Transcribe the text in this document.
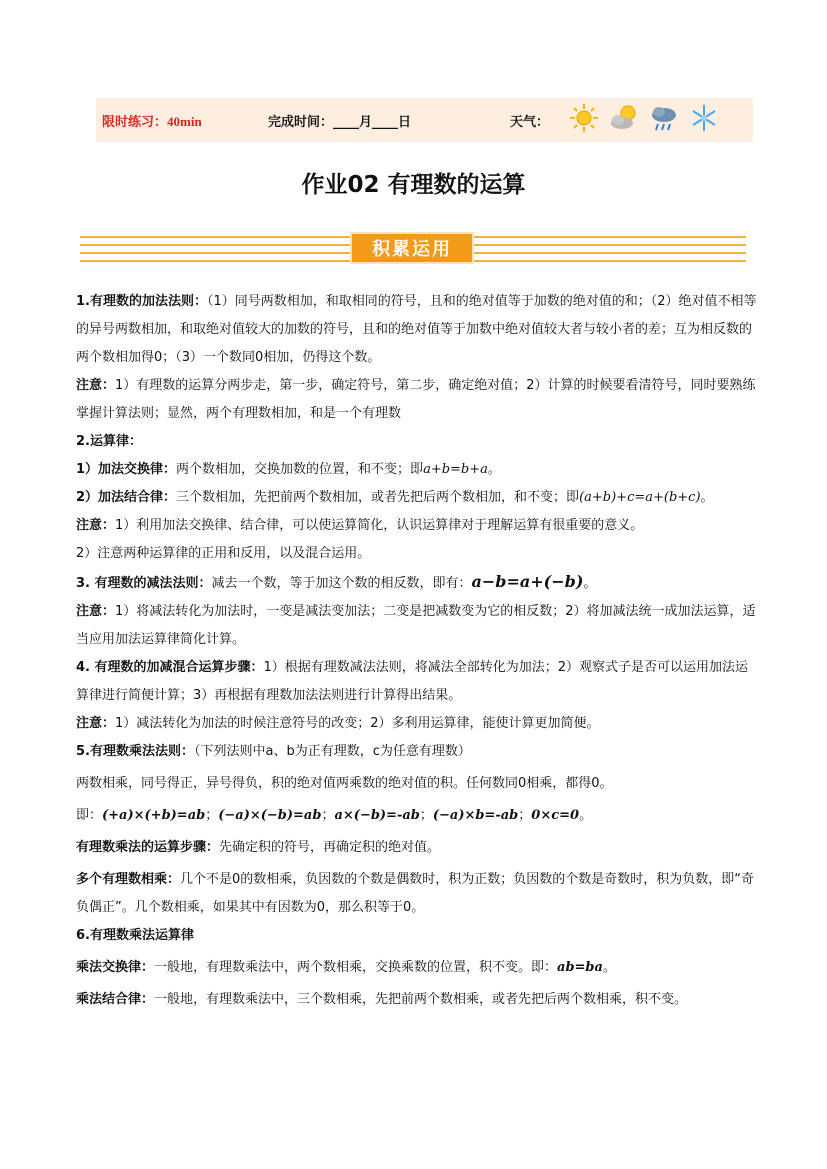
限时练习：40min	完成时间：____月____日	天气：
作业02 有理数的运算
积累运用

1.有理数的加法法则：（1）同号两数相加，和取相同的符号，且和的绝对值等于加数的绝对值的和；（2）绝对值不相等的异号两数相加，和取绝对值较大的加数的符号，且和的绝对值等于加数中绝对值较大者与较小者的差；互为相反数的两个数相加得0；（3）一个数同0相加，仍得这个数。

注意：1）有理数的运算分两步走，第一步，确定符号，第二步，确定绝对值；2）计算的时候要看清符号，同时要熟练掌握计算法则；显然，两个有理数相加，和是一个有理数

2.运算律：

1）加法交换律：两个数相加，交换加数的位置，和不变；即a+b=b+a。

2）加法结合律：三个数相加，先把前两个数相加，或者先把后两个数相加，和不变；即(a+b)+c=a+(b+c)。

注意：1）利用加法交换律、结合律，可以使运算简化，认识运算律对于理解运算有很重要的意义。

2）注意两种运算律的正用和反用，以及混合运用。

3. 有理数的减法法则：减去一个数，等于加这个数的相反数，即有：a−b=a+(−b)。

注意：1）将减法转化为加法时，一变是减法变加法；二变是把减数变为它的相反数；2）将加减法统一成加法运算，适当应用加法运算律简化计算。

4. 有理数的加减混合运算步骤：1）根据有理数减法法则，将减法全部转化为加法；2）观察式子是否可以运用加法运算律进行简便计算；3）再根据有理数加法法则进行计算得出结果。

注意：1）减法转化为加法的时候注意符号的改变；2）多利用运算律，能使计算更加简便。

5.有理数乘法法则：（下列法则中a、b为正有理数，c为任意有理数）

两数相乘，同号得正，异号得负，积的绝对值两乘数的绝对值的积。任何数同0相乘，都得0。

即：(+a)×(+b)=ab；(−a)×(−b)=ab；a×(−b)=-ab；(−a)×b=-ab；0×c=0。

有理数乘法的运算步骤：先确定积的符号，再确定积的绝对值。

多个有理数相乘：几个不是0的数相乘，负因数的个数是偶数时，积为正数；负因数的个数是奇数时，积为负数，即“奇负偶正”。几个数相乘，如果其中有因数为0，那么积等于0。

6.有理数乘法运算律

乘法交换律：一般地，有理数乘法中，两个数相乘，交换乘数的位置，积不变。即：ab=ba。

乘法结合律：一般地，有理数乘法中，三个数相乘，先把前两个数相乘，或者先把后两个数相乘，积不变。
